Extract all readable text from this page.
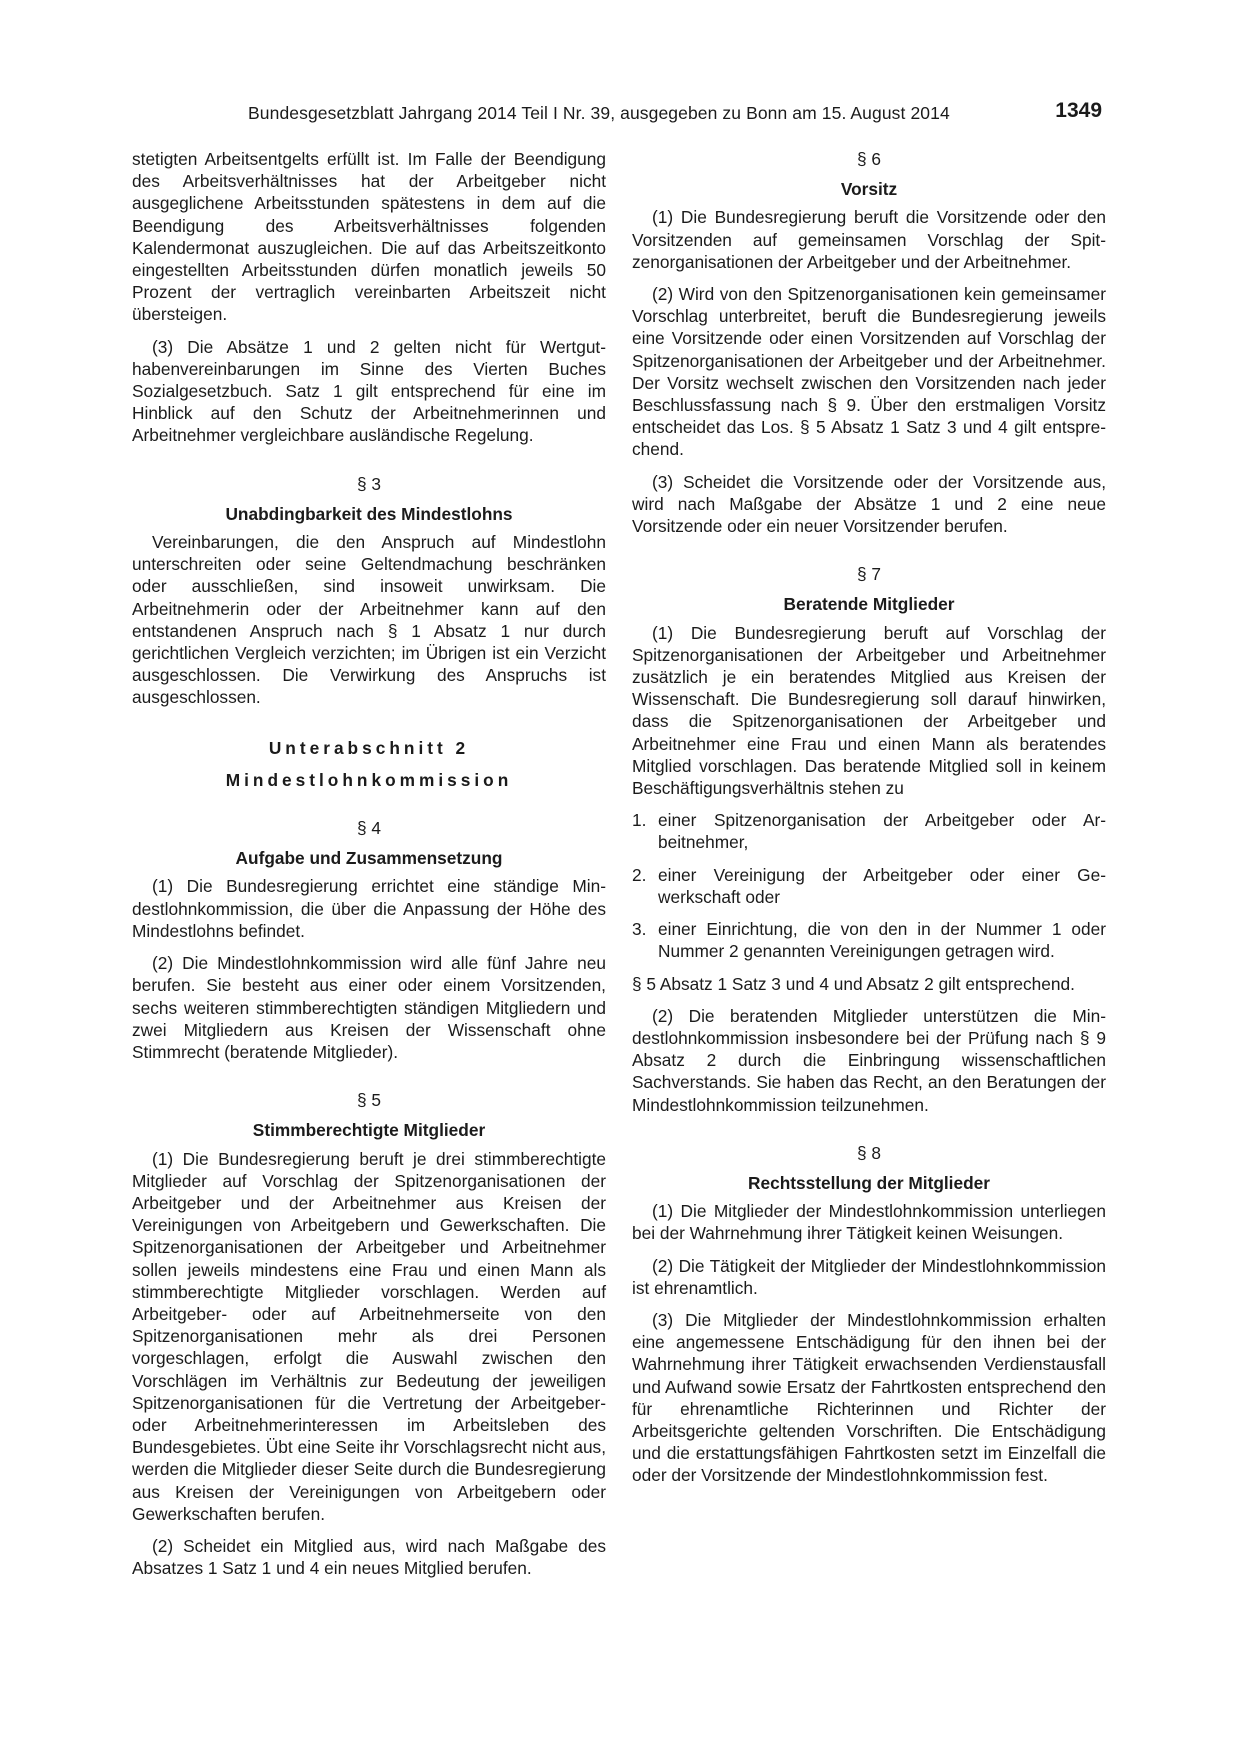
Bundesgesetzblatt Jahrgang 2014 Teil I Nr. 39, ausgegeben zu Bonn am 15. August 2014	1349

stetigten Arbeitsentgelts erfüllt ist. Im Falle der Beendigung des Arbeitsverhältnisses hat der Arbeitgeber nicht ausgeglichene Arbeitsstunden spätestens in dem auf die Beendigung des Arbeitsverhältnisses folgenden Kalendermonat auszugleichen. Die auf das Arbeitszeitkonto eingestellten Arbeitsstunden dürfen monatlich jeweils 50 Prozent der vertraglich vereinbarten Arbeitszeit nicht übersteigen.

(3) Die Absätze 1 und 2 gelten nicht für Wertguthabenvereinbarungen im Sinne des Vierten Buches Sozialgesetzbuch. Satz 1 gilt entsprechend für eine im Hinblick auf den Schutz der Arbeitnehmerinnen und Arbeitnehmer vergleichbare ausländische Regelung.

§ 3
Unabdingbarkeit des Mindestlohns

Vereinbarungen, die den Anspruch auf Mindestlohn unterschreiten oder seine Geltendmachung beschränken oder ausschließen, sind insoweit unwirksam. Die Arbeitnehmerin oder der Arbeitnehmer kann auf den entstandenen Anspruch nach § 1 Absatz 1 nur durch gerichtlichen Vergleich verzichten; im Übrigen ist ein Verzicht ausgeschlossen. Die Verwirkung des Anspruchs ist ausgeschlossen.

Unterabschnitt 2
Mindestlohnkommission
§ 4
Aufgabe und Zusammensetzung

(1) Die Bundesregierung errichtet eine ständige Mindestlohnkommission, die über die Anpassung der Höhe des Mindestlohns befindet.

(2) Die Mindestlohnkommission wird alle fünf Jahre neu berufen. Sie besteht aus einer oder einem Vorsitzenden, sechs weiteren stimmberechtigten ständigen Mitgliedern und zwei Mitgliedern aus Kreisen der Wissenschaft ohne Stimmrecht (beratende Mitglieder).

§ 5
Stimmberechtigte Mitglieder

(1) Die Bundesregierung beruft je drei stimmberechtigte Mitglieder auf Vorschlag der Spitzenorganisationen der Arbeitgeber und der Arbeitnehmer aus Kreisen der Vereinigungen von Arbeitgebern und Gewerkschaften. Die Spitzenorganisationen der Arbeitgeber und Arbeitnehmer sollen jeweils mindestens eine Frau und einen Mann als stimmberechtigte Mitglieder vorschlagen. Werden auf Arbeitgeber- oder auf Arbeitnehmerseite von den Spitzenorganisationen mehr als drei Personen vorgeschlagen, erfolgt die Auswahl zwischen den Vorschlägen im Verhältnis zur Bedeutung der jeweiligen Spitzenorganisationen für die Vertretung der Arbeitgeber- oder Arbeitnehmerinteressen im Arbeitsleben des Bundesgebietes. Übt eine Seite ihr Vorschlagsrecht nicht aus, werden die Mitglieder dieser Seite durch die Bundesregierung aus Kreisen der Vereinigungen von Arbeitgebern oder Gewerkschaften berufen.

(2) Scheidet ein Mitglied aus, wird nach Maßgabe des Absatzes 1 Satz 1 und 4 ein neues Mitglied berufen.

§ 6
Vorsitz

(1) Die Bundesregierung beruft die Vorsitzende oder den Vorsitzenden auf gemeinsamen Vorschlag der Spitzenorganisationen der Arbeitgeber und der Arbeitnehmer.

(2) Wird von den Spitzenorganisationen kein gemeinsamer Vorschlag unterbreitet, beruft die Bundesregierung jeweils eine Vorsitzende oder einen Vorsitzenden auf Vorschlag der Spitzenorganisationen der Arbeitgeber und der Arbeitnehmer. Der Vorsitz wechselt zwischen den Vorsitzenden nach jeder Beschlussfassung nach § 9. Über den erstmaligen Vorsitz entscheidet das Los. § 5 Absatz 1 Satz 3 und 4 gilt entsprechend.

(3) Scheidet die Vorsitzende oder der Vorsitzende aus, wird nach Maßgabe der Absätze 1 und 2 eine neue Vorsitzende oder ein neuer Vorsitzender berufen.

§ 7
Beratende Mitglieder

(1) Die Bundesregierung beruft auf Vorschlag der Spitzenorganisationen der Arbeitgeber und Arbeitnehmer zusätzlich je ein beratendes Mitglied aus Kreisen der Wissenschaft. Die Bundesregierung soll darauf hinwirken, dass die Spitzenorganisationen der Arbeitgeber und Arbeitnehmer eine Frau und einen Mann als beratendes Mitglied vorschlagen. Das beratende Mitglied soll in keinem Beschäftigungsverhältnis stehen zu

1. einer Spitzenorganisation der Arbeitgeber oder Arbeitnehmer,
2. einer Vereinigung der Arbeitgeber oder einer Gewerkschaft oder
3. einer Einrichtung, die von den in der Nummer 1 oder Nummer 2 genannten Vereinigungen getragen wird.

§ 5 Absatz 1 Satz 3 und 4 und Absatz 2 gilt entsprechend.

(2) Die beratenden Mitglieder unterstützen die Mindestlohnkommission insbesondere bei der Prüfung nach § 9 Absatz 2 durch die Einbringung wissenschaftlichen Sachverstands. Sie haben das Recht, an den Beratungen der Mindestlohnkommission teilzunehmen.

§ 8
Rechtsstellung der Mitglieder

(1) Die Mitglieder der Mindestlohnkommission unterliegen bei der Wahrnehmung ihrer Tätigkeit keinen Weisungen.

(2) Die Tätigkeit der Mitglieder der Mindestlohnkommission ist ehrenamtlich.

(3) Die Mitglieder der Mindestlohnkommission erhalten eine angemessene Entschädigung für den ihnen bei der Wahrnehmung ihrer Tätigkeit erwachsenden Verdienstausfall und Aufwand sowie Ersatz der Fahrtkosten entsprechend den für ehrenamtliche Richterinnen und Richter der Arbeitsgerichte geltenden Vorschriften. Die Entschädigung und die erstattungsfähigen Fahrtkosten setzt im Einzelfall die oder der Vorsitzende der Mindestlohnkommission fest.
